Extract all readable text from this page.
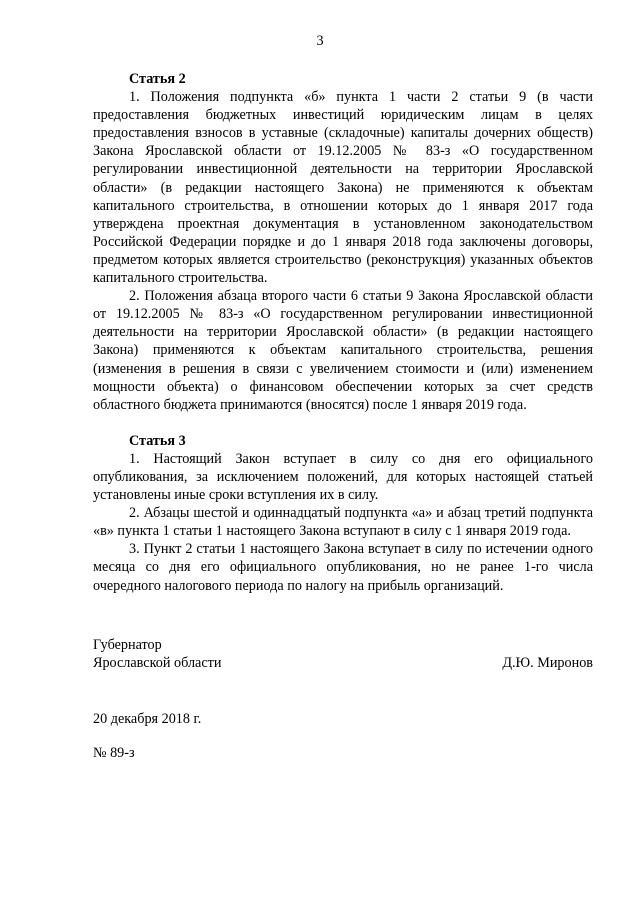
3

Статья 2

1. Положения подпункта «б» пункта 1 части 2 статьи 9 (в части предоставления бюджетных инвестиций юридическим лицам в целях предоставления взносов в уставные (складочные) капиталы дочерних обществ) Закона Ярославской области от 19.12.2005 № 83-з «О государственном регулировании инвестиционной деятельности на территории Ярославской области» (в редакции настоящего Закона) не применяются к объектам капитального строительства, в отношении которых до 1 января 2017 года утверждена проектная документация в установленном законодательством Российской Федерации порядке и до 1 января 2018 года заключены договоры, предметом которых является строительство (реконструкция) указанных объектов капитального строительства.

2. Положения абзаца второго части 6 статьи 9 Закона Ярославской области от 19.12.2005 № 83-з «О государственном регулировании инвестиционной деятельности на территории Ярославской области» (в редакции настоящего Закона) применяются к объектам капитального строительства, решения (изменения в решения в связи с увеличением стоимости и (или) изменением мощности объекта) о финансовом обеспечении которых за счет средств областного бюджета принимаются (вносятся) после 1 января 2019 года.

Статья 3

1. Настоящий Закон вступает в силу со дня его официального опубликования, за исключением положений, для которых настоящей статьей установлены иные сроки вступления их в силу.

2. Абзацы шестой и одиннадцатый подпункта «а» и абзац третий подпункта «в» пункта 1 статьи 1 настоящего Закона вступают в силу с 1 января 2019 года.

3. Пункт 2 статьи 1 настоящего Закона вступает в силу по истечении одного месяца со дня его официального опубликования, но не ранее 1-го числа очередного налогового периода по налогу на прибыль организаций.

Губернатор
Ярославской области	Д.Ю. Миронов
20 декабря 2018 г.
№ 89-з
